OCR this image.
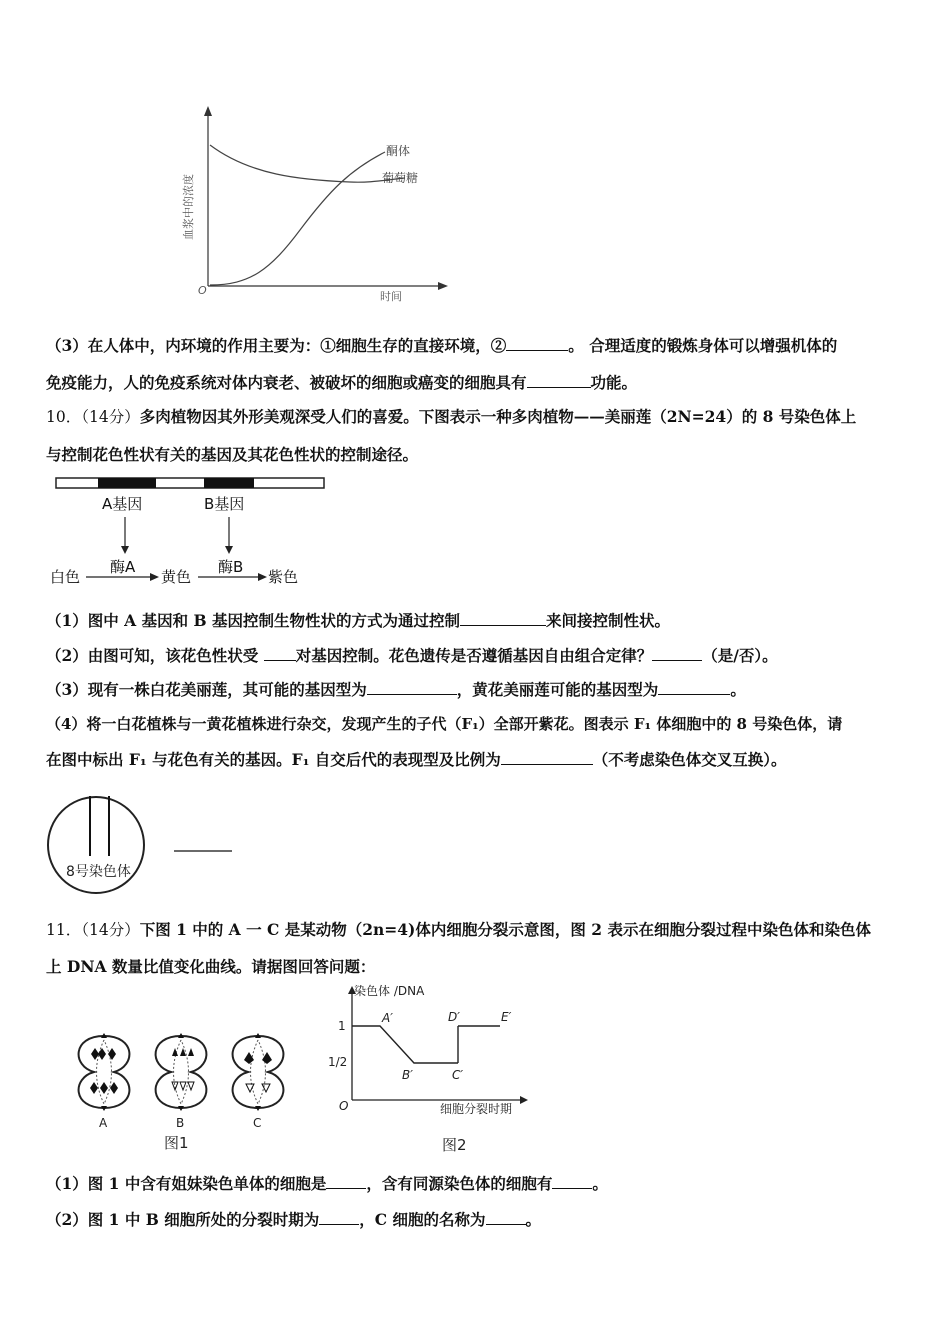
酮体
葡萄糖
O	时间
血浆中的浓度
（3）在人体中，内环境的作用主要为：①细胞生存的直接环境，②	。 合理适度的锻炼身体可以增强机体的
免疫能力，人的免疫系统对体内衰老、被破坏的细胞或癌变的细胞具有	功能。
10．（14分）多肉植物因其外形美观深受人们的喜爱。下图表示一种多肉植物——美丽莲（2N=24）的 8 号染色体上
与控制花色性状有关的基因及其花色性状的控制途径。
A基因	B基因
白色
酶A
黄色
酶B
紫色
（1）图中 A 基因和 B 基因控制生物性状的方式为通过控制	来间接控制性状。
（2）由图可知，该花色性状受 对基因控制。花色遗传是否遵循基因自由组合定律？	（是/否）。
（3）现有一株白花美丽莲，其可能的基因型为	，黄花美丽莲可能的基因型为	。
（4）将一白花植株与一黄花植株进行杂交，发现产生的子代（F₁）全部开紫花。图表示 F₁ 体细胞中的 8 号染色体，请
在图中标出 F₁ 与花色有关的基因。F₁ 自交后代的表现型及比例为	（不考虑染色体交叉互换）。
8号染色体
11．（14分）下图 1 中的 A 一 C 是某动物（2n=4)体内细胞分裂示意图，图 2 表示在细胞分裂过程中染色体和染色体
上 DNA 数量比值变化曲线。请据图回答问题：
A	B	C
图1
染色体 /DNA
细胞分裂时期
O
1
1/2
A′
B′	C′
D′	E′
图2
（1）图 1 中含有姐妹染色单体的细胞是	，含有同源染色体的细胞有	。
（2）图 1 中 B 细胞所处的分裂时期为	，C 细胞的名称为	。
